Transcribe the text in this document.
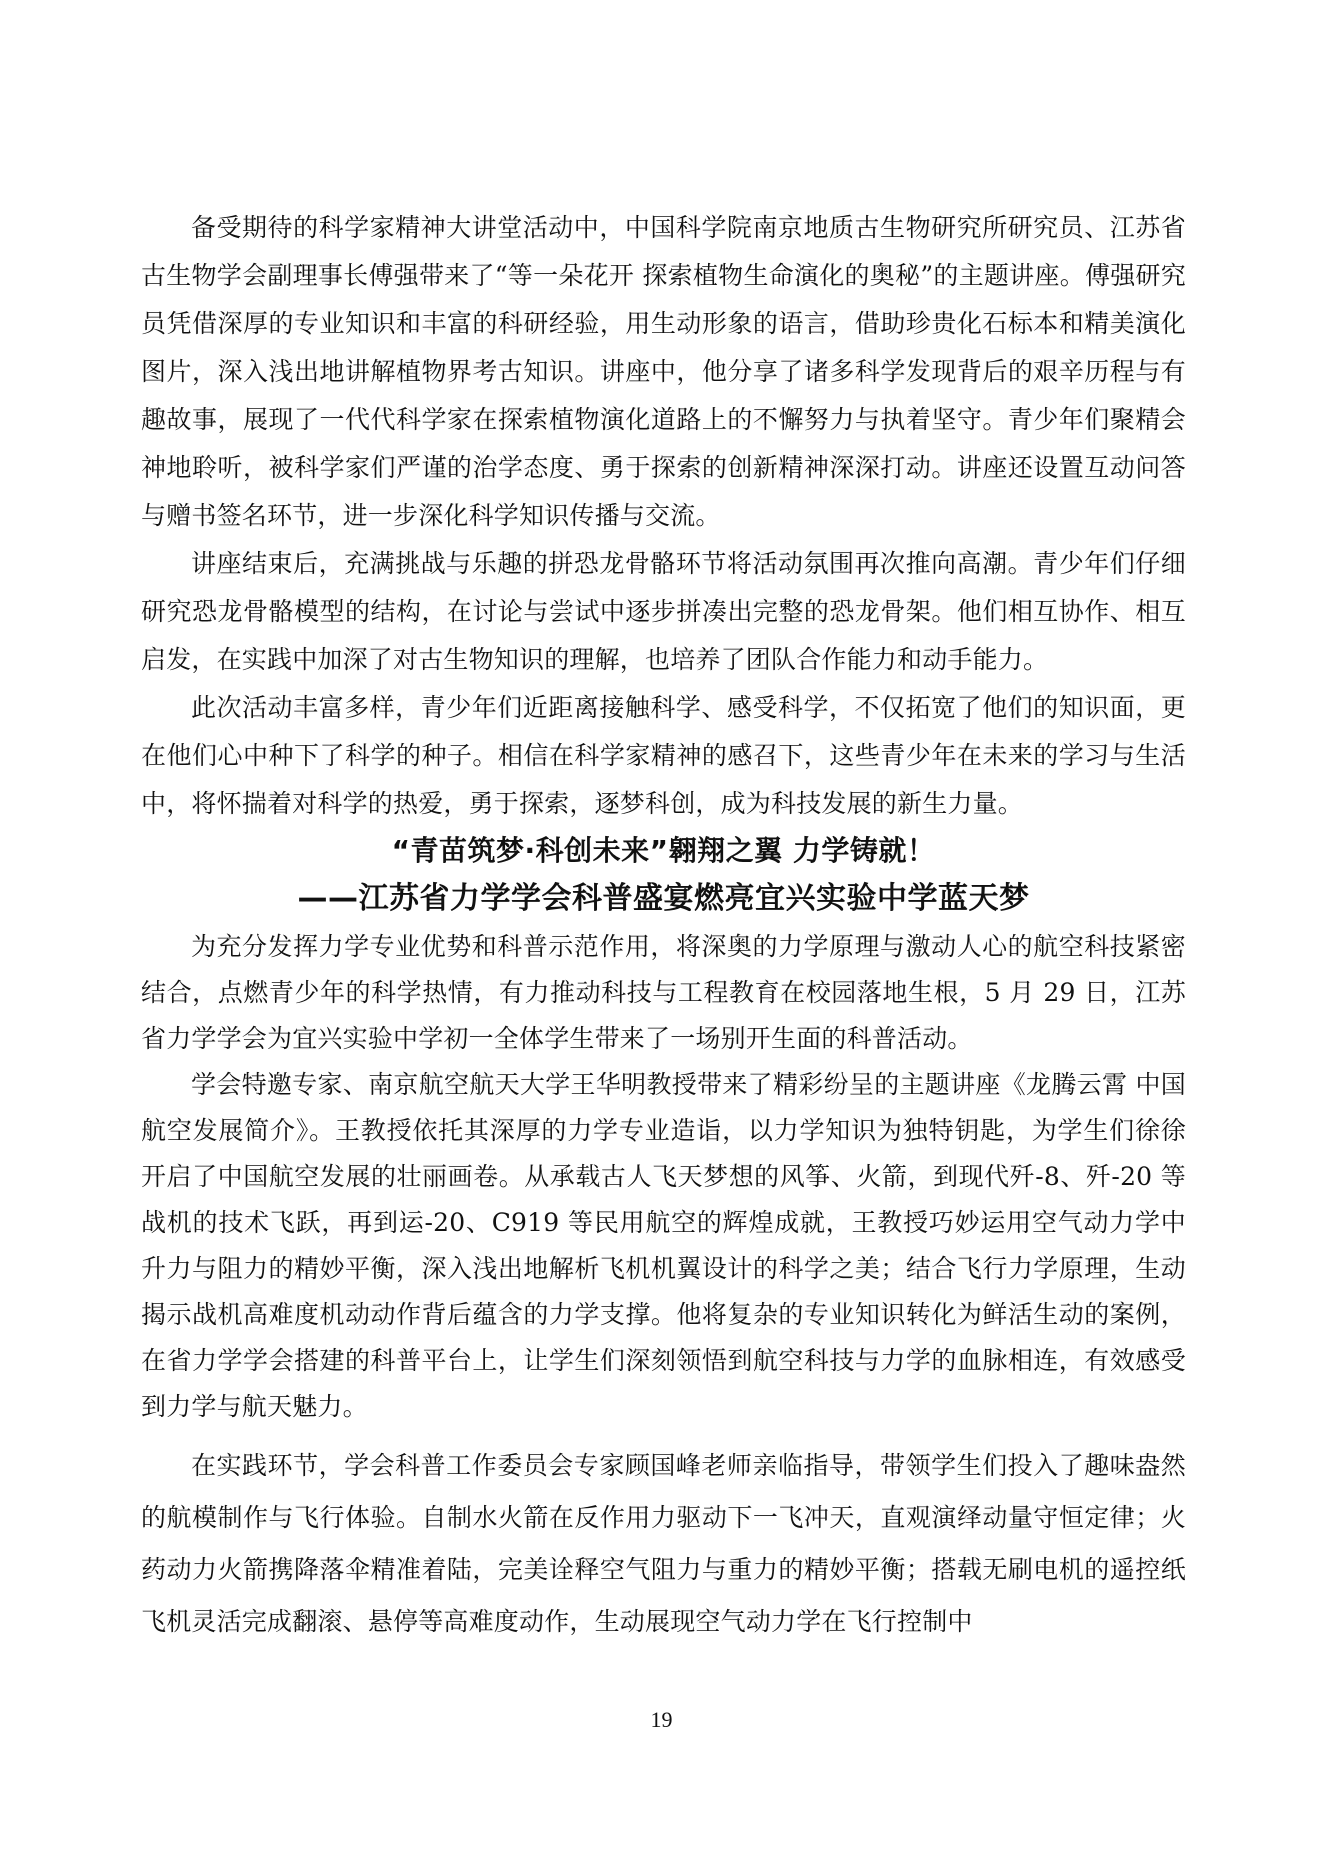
备受期待的科学家精神大讲堂活动中，中国科学院南京地质古生物研究所研究员、江苏省古生物学会副理事长傅强带来了“等一朵花开 探索植物生命演化的奥秘”的主题讲座。傅强研究员凭借深厚的专业知识和丰富的科研经验，用生动形象的语言，借助珍贵化石标本和精美演化图片，深入浅出地讲解植物界考古知识。讲座中，他分享了诸多科学发现背后的艰辛历程与有趣故事，展现了一代代科学家在探索植物演化道路上的不懈努力与执着坚守。青少年们聚精会神地聆听，被科学家们严谨的治学态度、勇于探索的创新精神深深打动。讲座还设置互动问答与赠书签名环节，进一步深化科学知识传播与交流。

讲座结束后，充满挑战与乐趣的拼恐龙骨骼环节将活动氛围再次推向高潮。青少年们仔细研究恐龙骨骼模型的结构，在讨论与尝试中逐步拼凑出完整的恐龙骨架。他们相互协作、相互启发，在实践中加深了对古生物知识的理解，也培养了团队合作能力和动手能力。

此次活动丰富多样，青少年们近距离接触科学、感受科学，不仅拓宽了他们的知识面，更在他们心中种下了科学的种子。相信在科学家精神的感召下，这些青少年在未来的学习与生活中，将怀揣着对科学的热爱，勇于探索，逐梦科创，成为科技发展的新生力量。

“青苗筑梦·科创未来”翱翔之翼 力学铸就！
——江苏省力学学会科普盛宴燃亮宜兴实验中学蓝天梦

为充分发挥力学专业优势和科普示范作用，将深奥的力学原理与激动人心的航空科技紧密结合，点燃青少年的科学热情，有力推动科技与工程教育在校园落地生根，5 月 29 日，江苏省力学学会为宜兴实验中学初一全体学生带来了一场别开生面的科普活动。

学会特邀专家、南京航空航天大学王华明教授带来了精彩纷呈的主题讲座《龙腾云霄 中国航空发展简介》。王教授依托其深厚的力学专业造诣，以力学知识为独特钥匙，为学生们徐徐开启了中国航空发展的壮丽画卷。从承载古人飞天梦想的风筝、火箭，到现代歼-8、歼-20 等战机的技术飞跃，再到运-20、C919 等民用航空的辉煌成就，王教授巧妙运用空气动力学中升力与阻力的精妙平衡，深入浅出地解析飞机机翼设计的科学之美；结合飞行力学原理，生动揭示战机高难度机动动作背后蕴含的力学支撑。他将复杂的专业知识转化为鲜活生动的案例，在省力学学会搭建的科普平台上，让学生们深刻领悟到航空科技与力学的血脉相连，有效感受到力学与航天魅力。

在实践环节，学会科普工作委员会专家顾国峰老师亲临指导，带领学生们投入了趣味盎然的航模制作与飞行体验。自制水火箭在反作用力驱动下一飞冲天，直观演绎动量守恒定律；火药动力火箭携降落伞精准着陆，完美诠释空气阻力与重力的精妙平衡；搭载无刷电机的遥控纸飞机灵活完成翻滚、悬停等高难度动作，生动展现空气动力学在飞行控制中

19
